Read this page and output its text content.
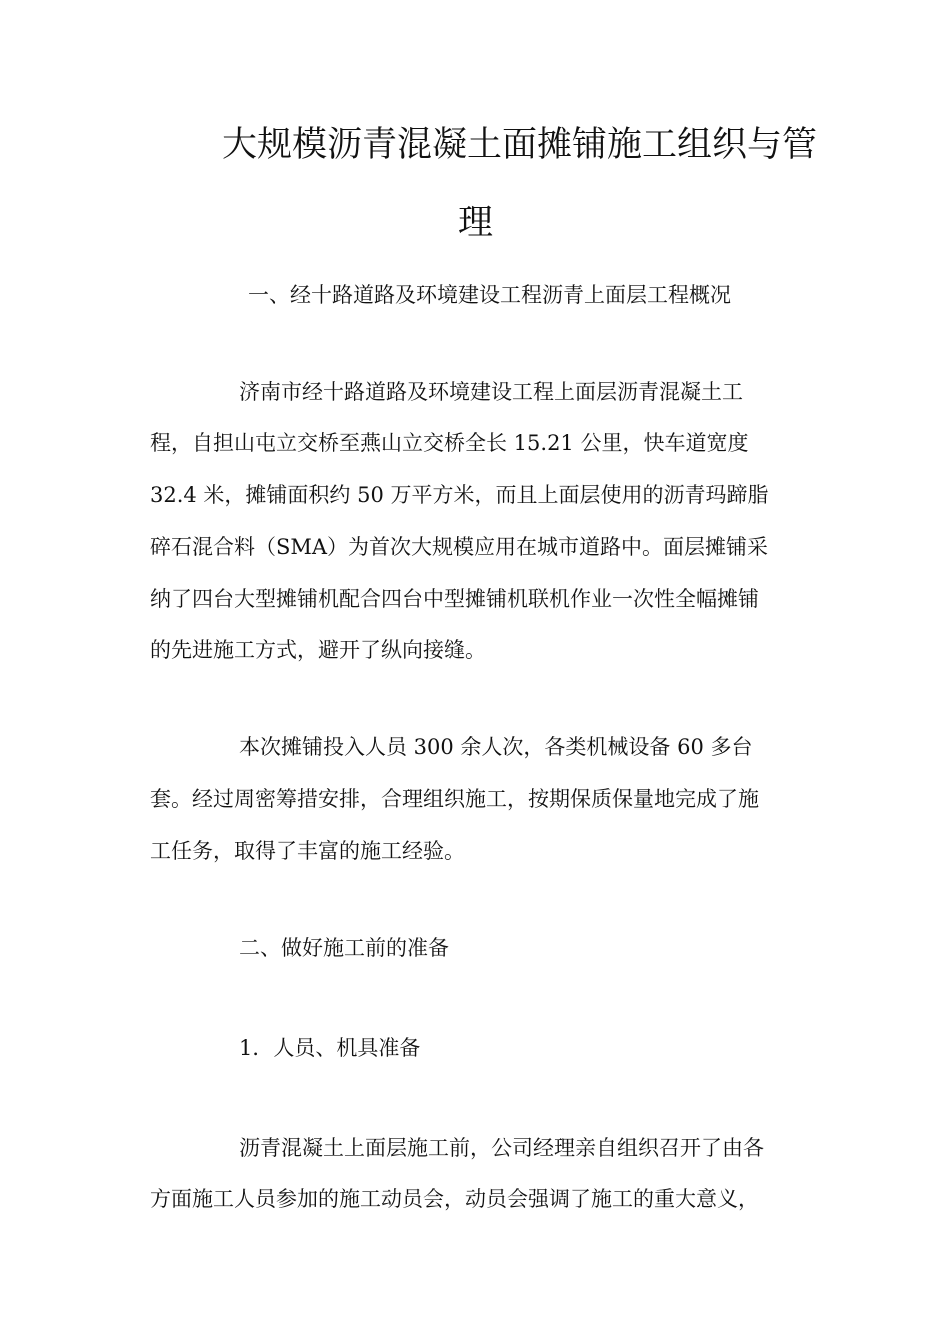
大规模沥青混凝土面摊铺施工组织与管
理
一、经十路道路及环境建设工程沥青上面层工程概况
济南市经十路道路及环境建设工程上面层沥青混凝土工
程，自担山屯立交桥至燕山立交桥全长 15.21 公里，快车道宽度
32.4 米，摊铺面积约 50 万平方米，而且上面层使用的沥青玛蹄脂
碎石混合料（SMA）为首次大规模应用在城市道路中。面层摊铺采
纳了四台大型摊铺机配合四台中型摊铺机联机作业一次性全幅摊铺
的先进施工方式，避开了纵向接缝。
本次摊铺投入人员 300 余人次，各类机械设备 60 多台
套。经过周密筹措安排，合理组织施工，按期保质保量地完成了施
工任务，取得了丰富的施工经验。
二、做好施工前的准备
1．人员、机具准备
沥青混凝土上面层施工前，公司经理亲自组织召开了由各
方面施工人员参加的施工动员会，动员会强调了施工的重大意义，
